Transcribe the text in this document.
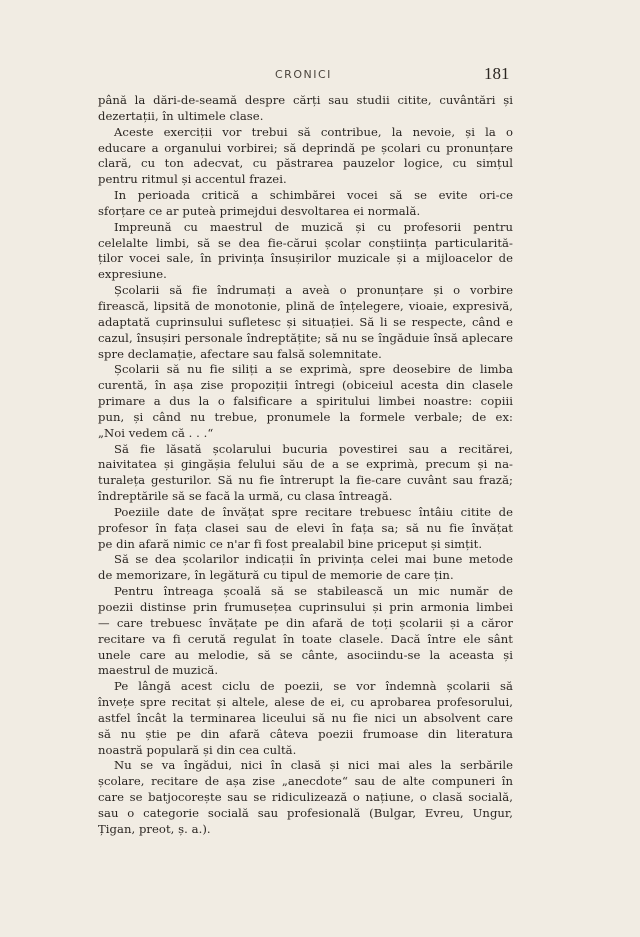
CRONICI	181
până la dări-de-seamă despre cărți sau studii citite, cuvântări și
dezertații, în ultimele clase.
Aceste exerciții vor trebui să contribue, la nevoie, și la o
educare a organului vorbirei; să deprindă pe școlari cu pronunțare
clară, cu ton adecvat, cu păstrarea pauzelor logice, cu simțul
pentru ritmul și accentul frazei.
In perioada critică a schimbărei vocei să se evite ori-ce
sforțare ce ar puteà primejdui desvoltarea ei normală.
Impreună cu maestrul de muzică și cu profesorii pentru
celelalte limbi, să se dea fie-cărui școlar conștiința particularită-
ților vocei sale, în privința însușirilor muzicale și a mijloacelor de
expresiune.
Școlarii să fie îndrumați a aveà o pronunțare și o vorbire
firească, lipsită de monotonie, plină de înțelegere, vioaie, expresivă,
adaptată cuprinsului sufletesc și situației. Să li se respecte, când e
cazul, însușiri personale îndreptățite; să nu se îngăduie însă aplecare
spre declamație, afectare sau falsă solemnitate.
Școlarii să nu fie siliți a se exprimà, spre deosebire de limba
curentă, în așa zise propoziții întregi (obiceiul acesta din clasele
primare a dus la o falsificare a spiritului limbei noastre: copiii
pun, și când nu trebue, pronumele la formele verbale; de ex:
„Noi vedem că . . .“
Să fie lăsată școlarului bucuria povestirei sau a recitărei,
naivitatea și gingășia felului său de a se exprimà, precum și na-
turaleța gesturilor. Să nu fie întrerupt la fie-care cuvânt sau frază;
îndreptările să se facă la urmă, cu clasa întreagă.
Poeziile date de învățat spre recitare trebuesc întâiu citite de
profesor în fața clasei sau de elevi în fața sa; să nu fie învățat
pe din afară nimic ce n'ar fi fost prealabil bine priceput și simțit.
Să se dea școlarilor indicații în privința celei mai bune metode
de memorizare, în legătură cu tipul de memorie de care țin.
Pentru întreaga școală să se stabilească un mic număr de
poezii distinse prin frumusețea cuprinsului și prin armonia limbei
— care trebuesc învățate pe din afară de toți școlarii și a căror
recitare va fi cerută regulat în toate clasele. Dacă între ele sânt
unele care au melodie, să se cânte, asociindu-se la aceasta și
maestrul de muzică.
Pe lângă acest ciclu de poezii, se vor îndemnà școlarii să
învețe spre recitat și altele, alese de ei, cu aprobarea profesorului,
astfel încât la terminarea liceului să nu fie nici un absolvent care
să nu știe pe din afară câteva poezii frumoase din literatura
noastră populară și din cea cultă.
Nu se va îngădui, nici în clasă și nici mai ales la serbările
școlare, recitare de așa zise „anecdote“ sau de alte compuneri în
care se batjocorește sau se ridiculizează o națiune, o clasă socială,
sau o categorie socială sau profesională (Bulgar, Evreu, Ungur,
Țigan, preot, ș. a.).
